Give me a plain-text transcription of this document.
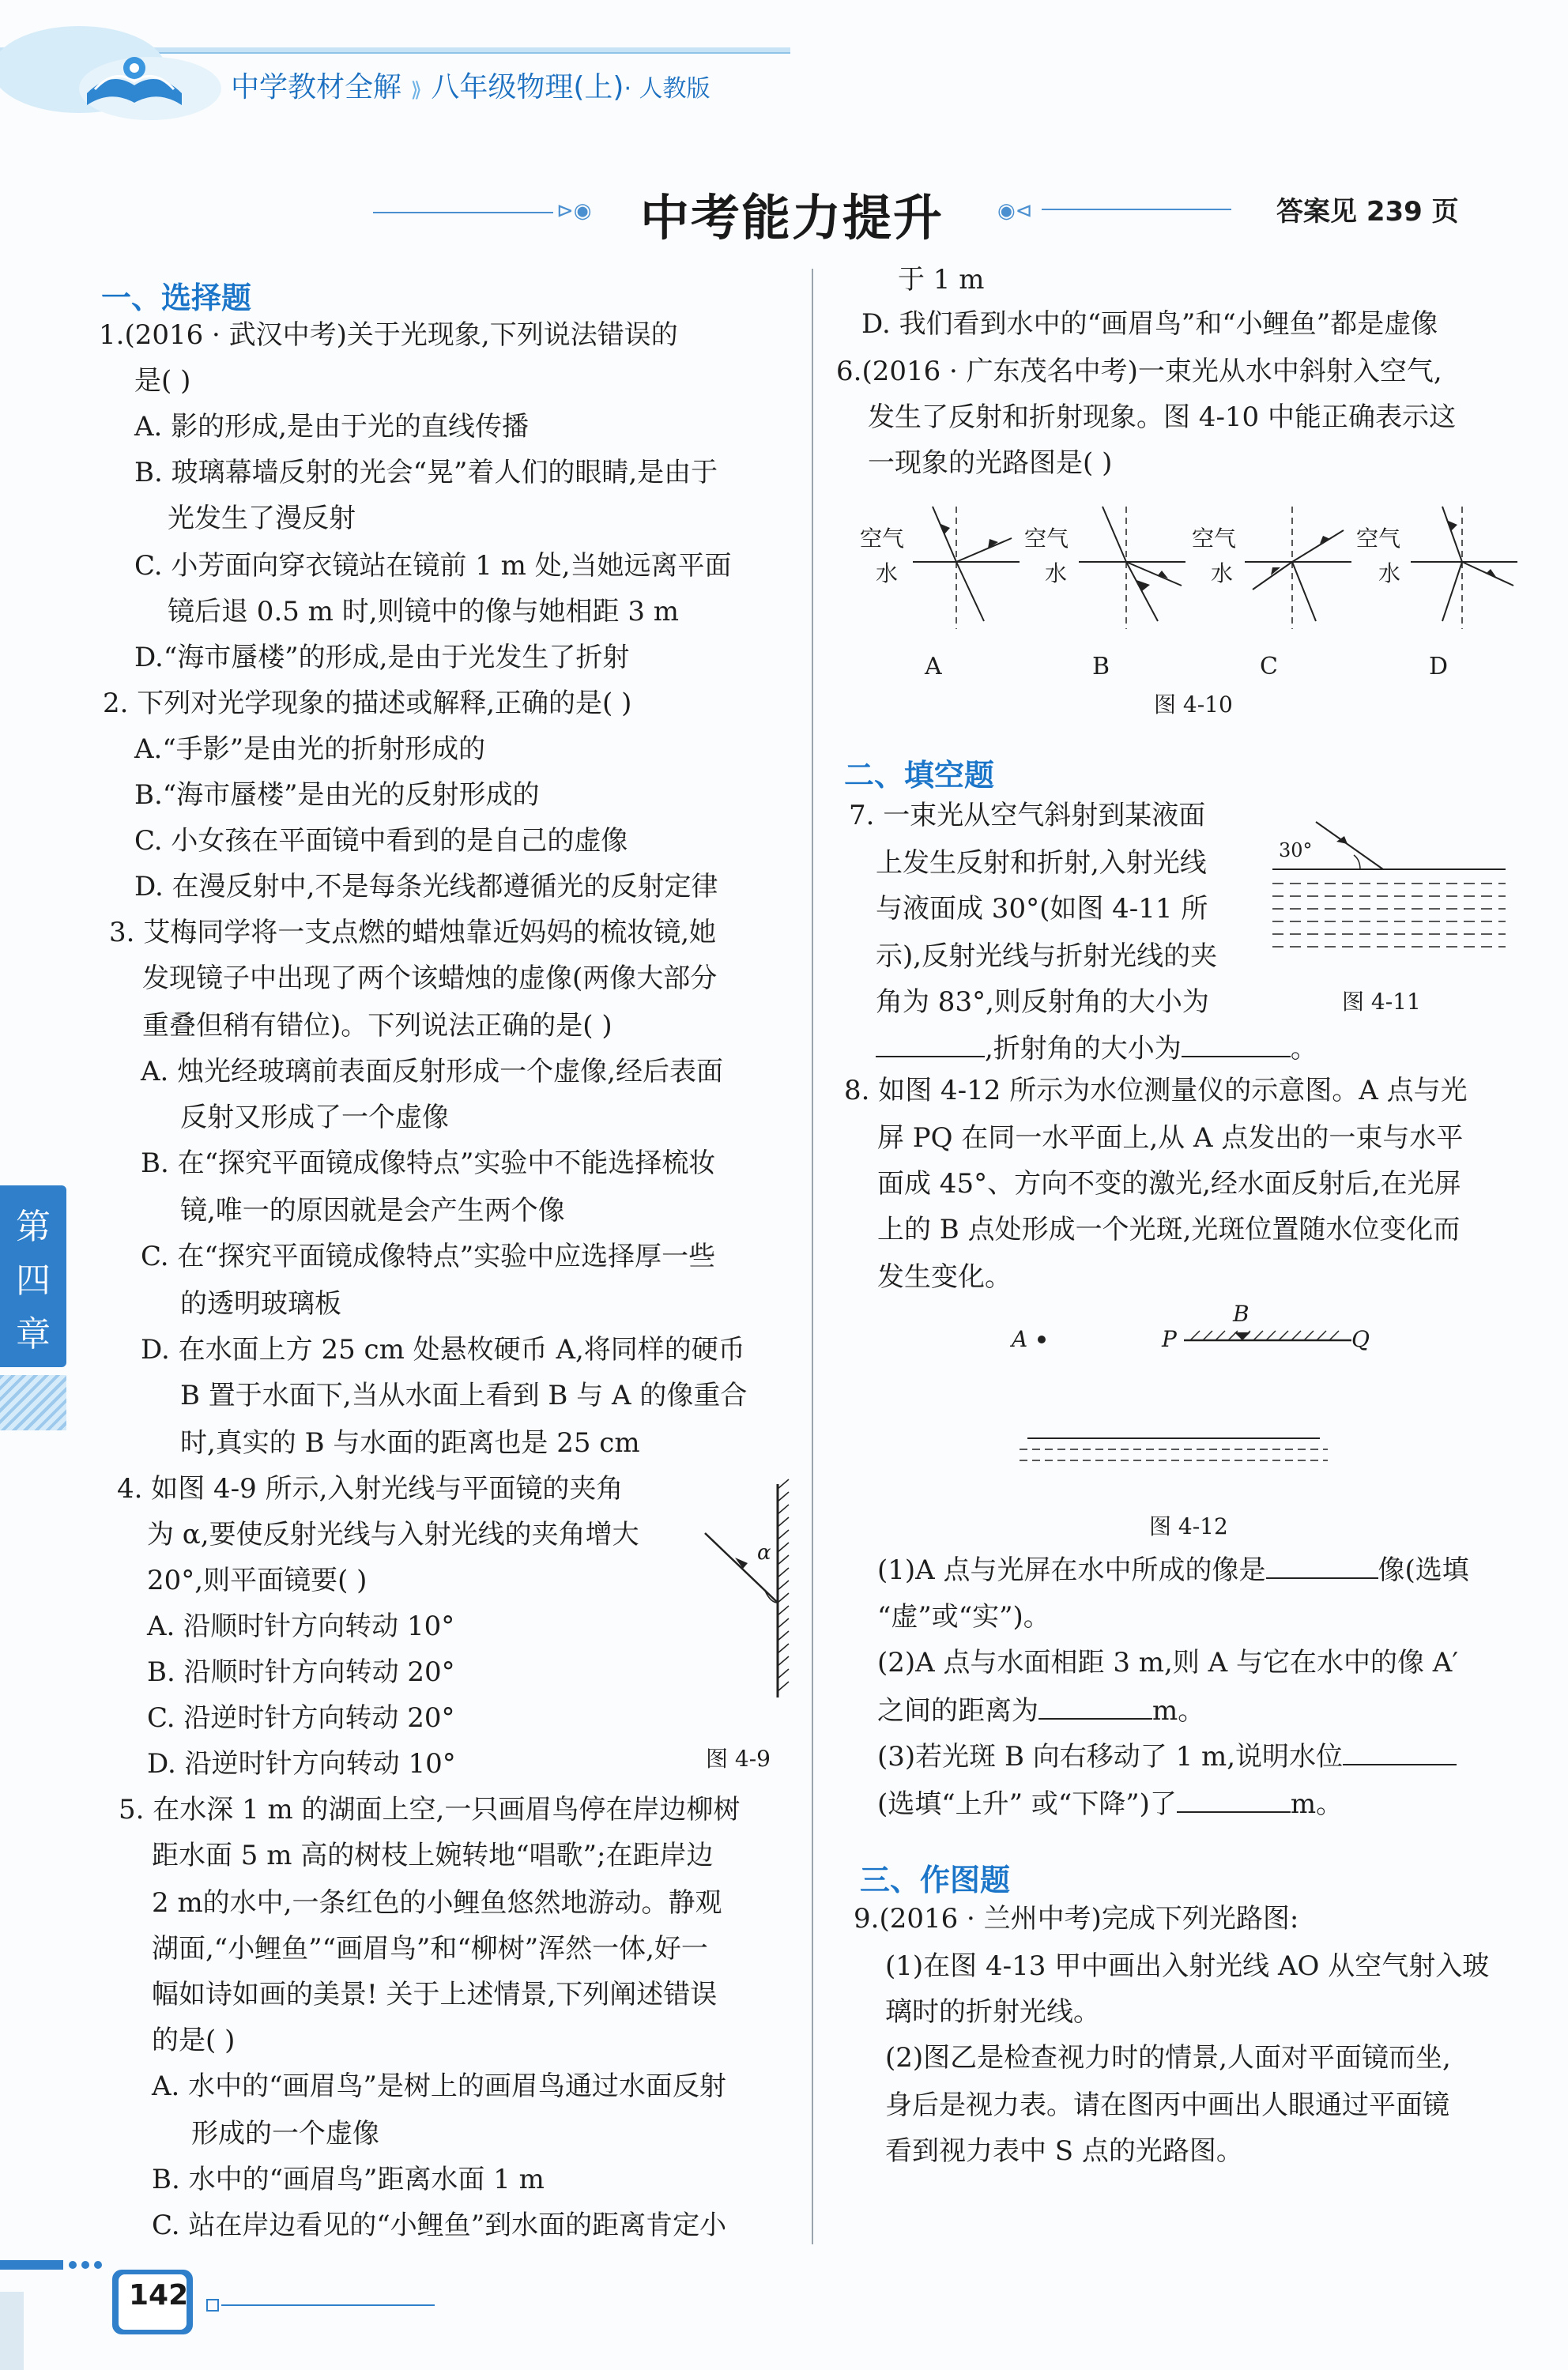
中学教材全解 ⟫ 八年级物理(上)· 人教版
⊳◉ 中考能力提升	◉⊲	答案见 239 页
一、选择题
二、填空题
三、作图题
1.(2016 · 武汉中考)关于光现象,下列说法错误的
是( )
A. 影的形成,是由于光的直线传播
B. 玻璃幕墙反射的光会“晃”着人们的眼睛,是由于
光发生了漫反射
C. 小芳面向穿衣镜站在镜前 1 m 处,当她远离平面
镜后退 0.5 m 时,则镜中的像与她相距 3 m
D.“海市蜃楼”的形成,是由于光发生了折射
2. 下列对光学现象的描述或解释,正确的是( )
A.“手影”是由光的折射形成的
B.“海市蜃楼”是由光的反射形成的
C. 小女孩在平面镜中看到的是自己的虚像
D. 在漫反射中,不是每条光线都遵循光的反射定律
3. 艾梅同学将一支点燃的蜡烛靠近妈妈的梳妆镜,她
发现镜子中出现了两个该蜡烛的虚像(两像大部分
重叠但稍有错位)。下列说法正确的是( )
A. 烛光经玻璃前表面反射形成一个虚像,经后表面
反射又形成了一个虚像
B. 在“探究平面镜成像特点”实验中不能选择梳妆
镜,唯一的原因就是会产生两个像
C. 在“探究平面镜成像特点”实验中应选择厚一些
的透明玻璃板
D. 在水面上方 25 cm 处悬枚硬币 A,将同样的硬币
B 置于水面下,当从水面上看到 B 与 A 的像重合
时,真实的 B 与水面的距离也是 25 cm
4. 如图 4-9 所示,入射光线与平面镜的夹角
为 α,要使反射光线与入射光线的夹角增大
20°,则平面镜要( )
A. 沿顺时针方向转动 10°
B. 沿顺时针方向转动 20°
C. 沿逆时针方向转动 20°
D. 沿逆时针方向转动 10°
5. 在水深 1 m 的湖面上空,一只画眉鸟停在岸边柳树
距水面 5 m 高的树枝上婉转地“唱歌”;在距岸边
2 m的水中,一条红色的小鲤鱼悠然地游动。静观
湖面,“小鲤鱼”“画眉鸟”和“柳树”浑然一体,好一
幅如诗如画的美景! 关于上述情景,下列阐述错误
的是( )
A. 水中的“画眉鸟”是树上的画眉鸟通过水面反射
形成的一个虚像
B. 水中的“画眉鸟”距离水面 1 m
C. 站在岸边看见的“小鲤鱼”到水面的距离肯定小
α
图 4-9
于 1 m
D. 我们看到水中的“画眉鸟”和“小鲤鱼”都是虚像
6.(2016 · 广东茂名中考)一束光从水中斜射入空气,
发生了反射和折射现象。图 4-10 中能正确表示这
一现象的光路图是( )
空气
水
空气
水
空气
水
空气
水
A	B	C	D
图 4-10
7. 一束光从空气斜射到某液面
上发生反射和折射,入射光线
与液面成 30°(如图 4-11 所
示),反射光线与折射光线的夹
角为 83°,则反射角的大小为
,折射角的大小为	。
30°
图 4-11
8. 如图 4-12 所示为水位测量仪的示意图。A 点与光
屏 PQ 在同一水平面上,从 A 点发出的一束与水平
面成 45°、方向不变的激光,经水面反射后,在光屏
上的 B 点处形成一个光斑,光斑位置随水位变化而
发生变化。
A	P
B
Q
图 4-12
(1)A 点与光屏在水中所成的像是	像(选填
“虚”或“实”)。
(2)A 点与水面相距 3 m,则 A 与它在水中的像 A′
之间的距离为	m。
(3)若光斑 B 向右移动了 1 m,说明水位
(选填“上升” 或“下降”)了	m。
9.(2016 · 兰州中考)完成下列光路图:
(1)在图 4-13 甲中画出入射光线 AO 从空气射入玻
璃时的折射光线。
(2)图乙是检查视力时的情景,人面对平面镜而坐,
身后是视力表。请在图丙中画出人眼通过平面镜
看到视力表中 S 点的光路图。
第
四
章
142
